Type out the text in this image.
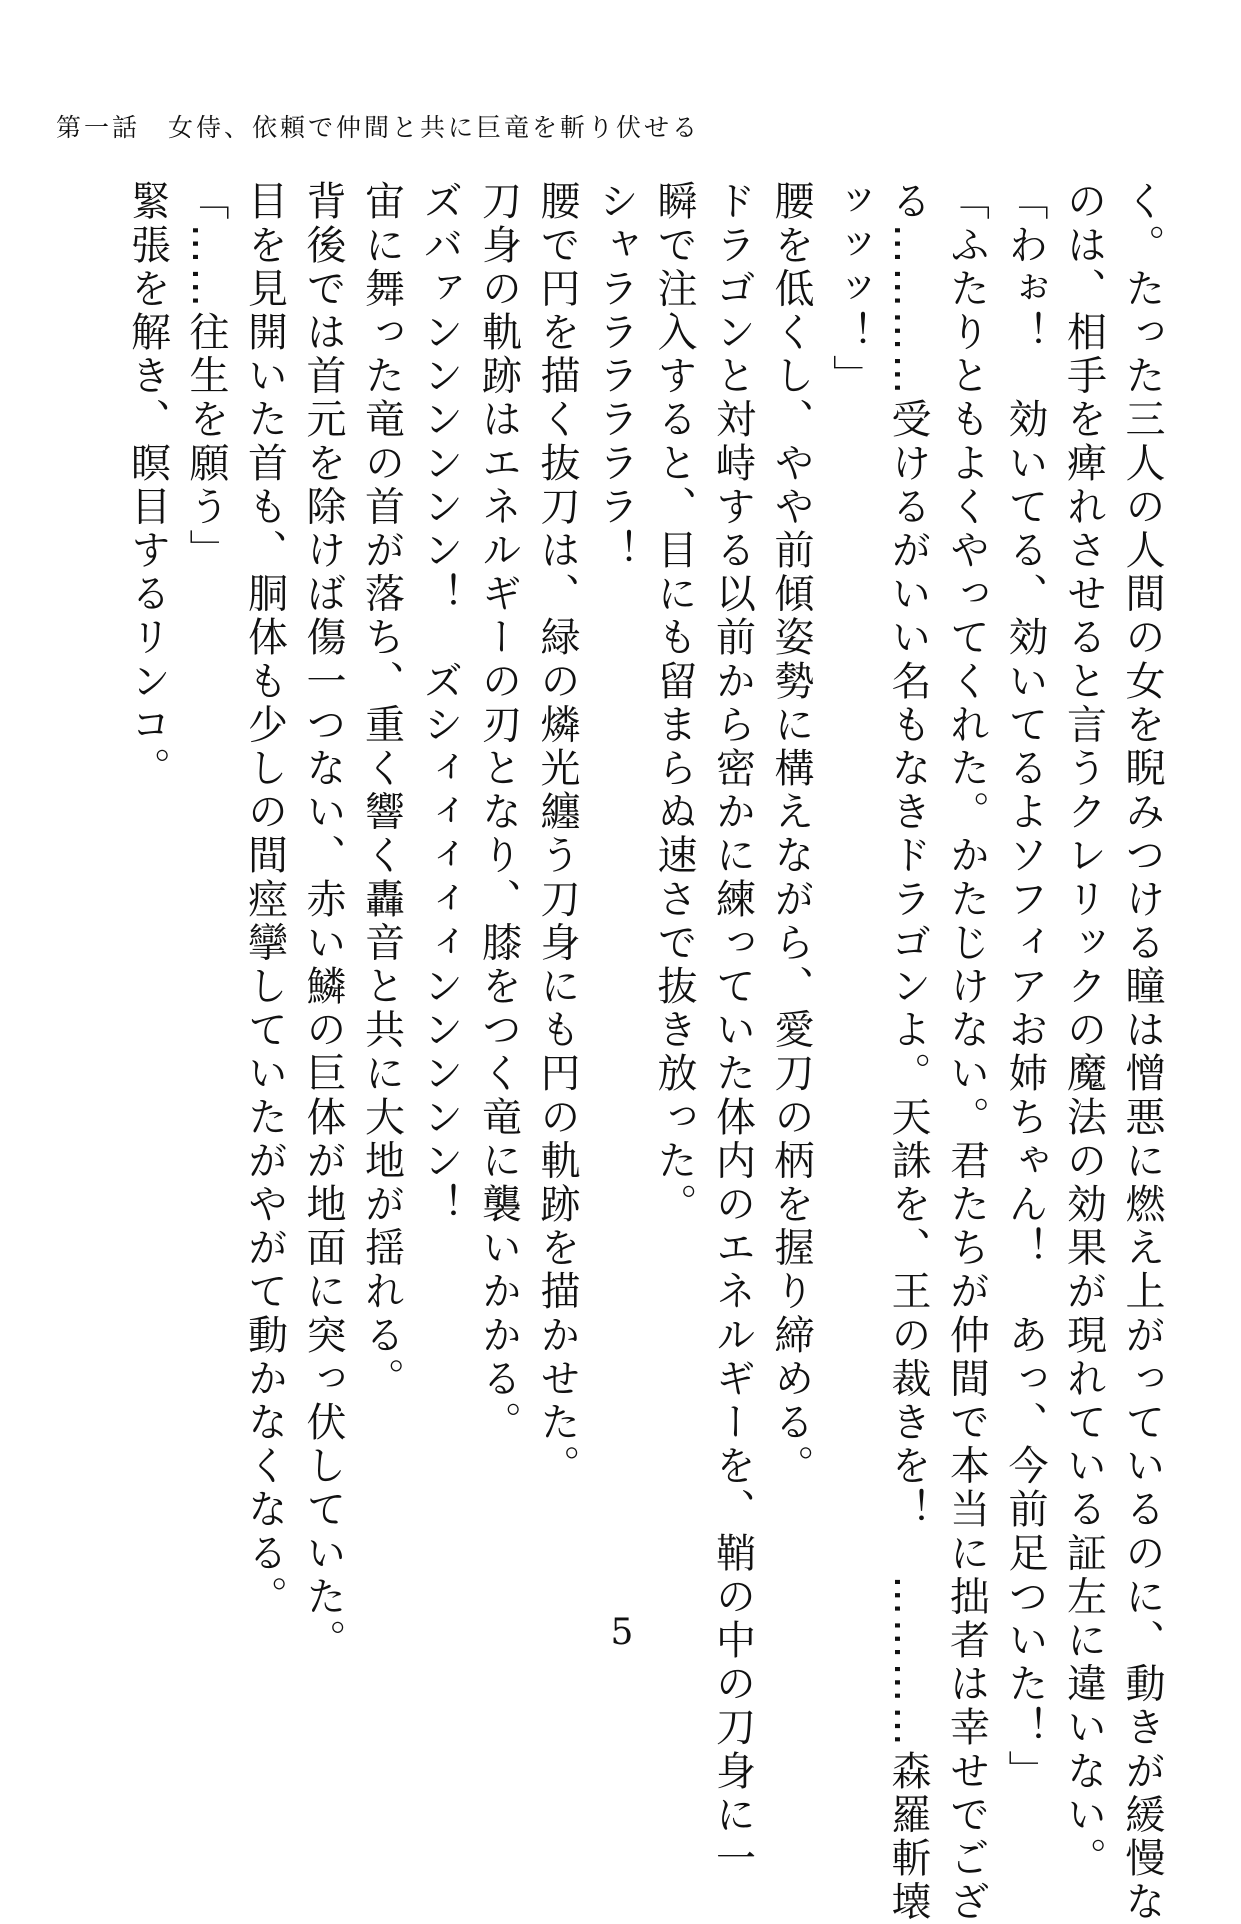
第一話　女侍、依頼で仲間と共に巨竜を斬り伏せる

く。たった三人の人間の女を睨みつける瞳は憎悪に燃え上がっているのに、動きが緩慢な

のは、相手を痺れさせると言うクレリックの魔法の効果が現れている証左に違いない。

「わぉ！　効いてる、効いてるよソフィアお姉ちゃん！　あっ、今前足ついた！」

「ふたりともよくやってくれた。かたじけない。君たちが仲間で本当に拙者は幸せでござ

る…………受けるがいい名もなきドラゴンよ。天誅を、王の裁きを！　…………森羅斬壊

ッッッ！」

腰を低くし、やや前傾姿勢に構えながら、愛刀の柄を握り締める。

ドラゴンと対峙する以前から密かに練っていた体内のエネルギーを、鞘の中の刀身に一

瞬で注入すると、目にも留まらぬ速さで抜き放った。

シャララララララ！

腰で円を描く抜刀は、緑の燐光纏う刀身にも円の軌跡を描かせた。

刀身の軌跡はエネルギーの刃となり、膝をつく竜に襲いかかる。

ズバァンンンンンン！　ズシィィィィィンンンンン！

宙に舞った竜の首が落ち、重く響く轟音と共に大地が揺れる。

背後では首元を除けば傷一つない、赤い鱗の巨体が地面に突っ伏していた。

目を見開いた首も、胴体も少しの間痙攣していたがやがて動かなくなる。

「……往生を願う」

緊張を解き、瞑目するリンコ。

5
